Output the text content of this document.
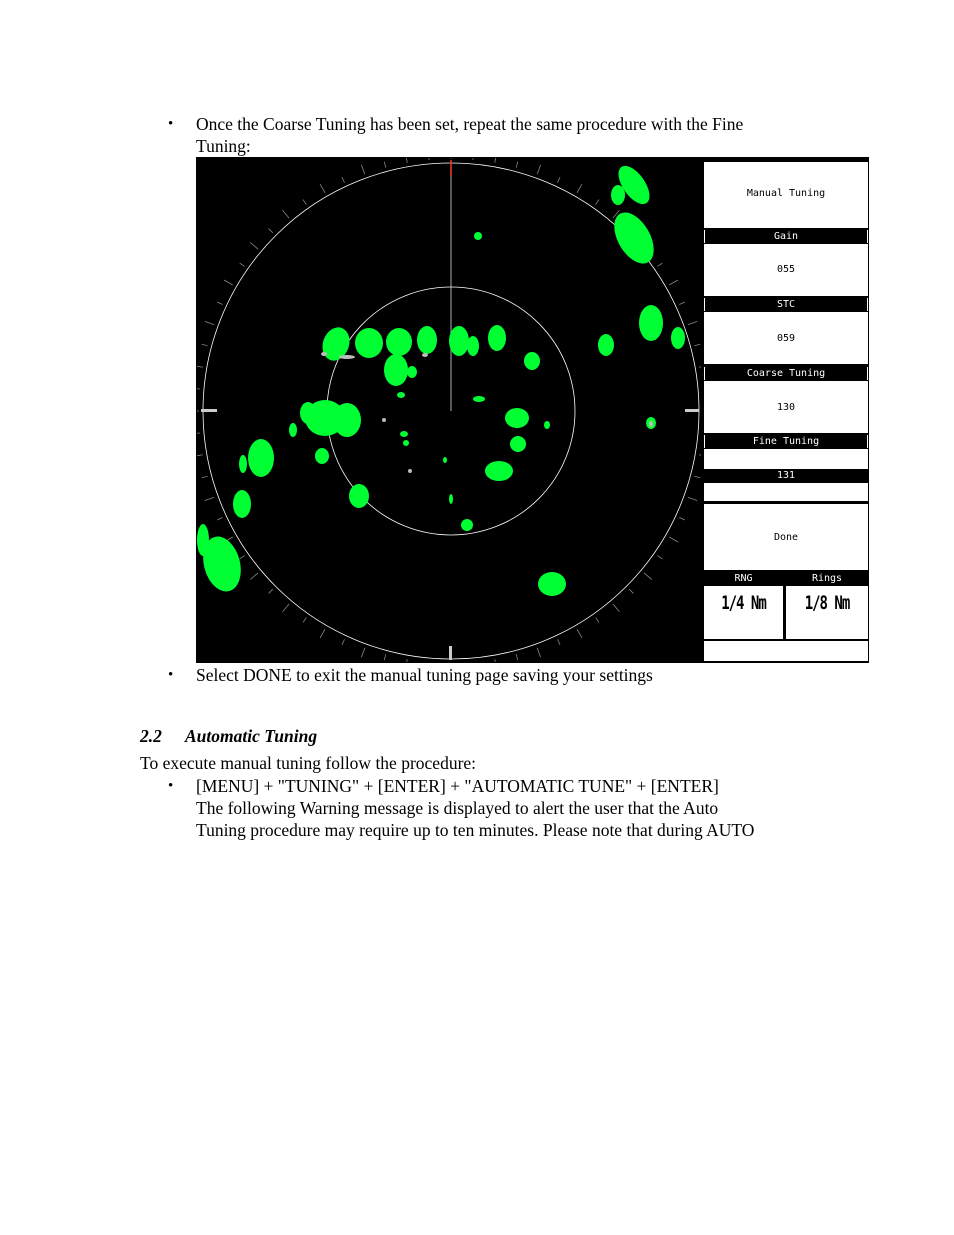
• Once the Coarse Tuning has been set, repeat the same procedure with the Fine
Tuning:
Manual Tuning
Gain
055
STC
059
Coarse Tuning
130
Fine Tuning
131
Done
RNG
1/4 Nm
Rings
1/8 Nm
• Select DONE to exit the manual tuning page saving your settings
2.2 Automatic Tuning
To execute manual tuning follow the procedure:
• [MENU] + "TUNING" + [ENTER] + "AUTOMATIC TUNE" + [ENTER]
The following Warning message is displayed to alert the user that the Auto
Tuning procedure may require up to ten minutes. Please note that during AUTO
